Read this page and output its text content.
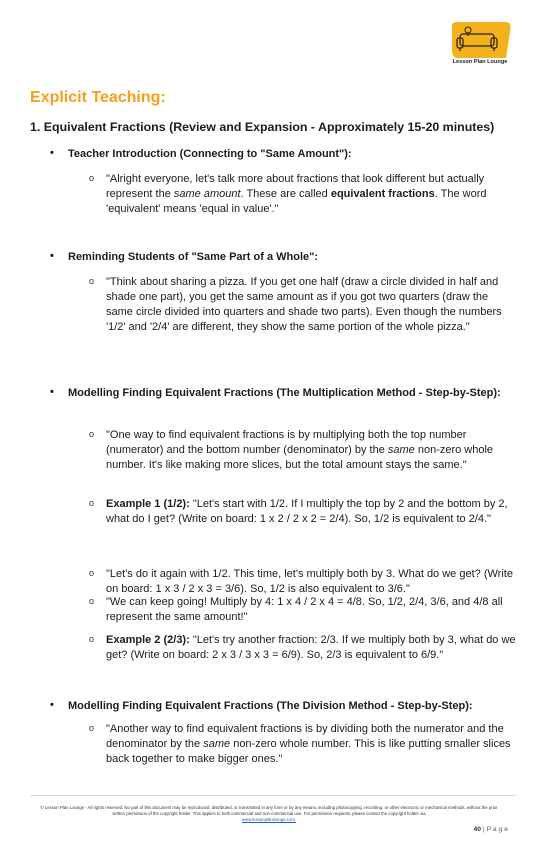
Lesson Plan Lounge
Explicit Teaching:
1. Equivalent Fractions (Review and Expansion - Approximately 15-20 minutes)
• Teacher Introduction (Connecting to "Same Amount"):
o "Alright everyone, let's talk more about fractions that look different but actually represent the same amount. These are called equivalent fractions. The word 'equivalent' means 'equal in value'."
• Reminding Students of "Same Part of a Whole":
o "Think about sharing a pizza. If you get one half (draw a circle divided in half and shade one part), you get the same amount as if you got two quarters (draw the same circle divided into quarters and shade two parts). Even though the numbers '1/2' and '2/4' are different, they show the same portion of the whole pizza."
• Modelling Finding Equivalent Fractions (The Multiplication Method - Step-by-Step):
o "One way to find equivalent fractions is by multiplying both the top number (numerator) and the bottom number (denominator) by the same non-zero whole number. It's like making more slices, but the total amount stays the same."
o Example 1 (1/2): "Let's start with 1/2. If I multiply the top by 2 and the bottom by 2, what do I get? (Write on board: 1 x 2 / 2 x 2 = 2/4). So, 1/2 is equivalent to 2/4."
o "Let's do it again with 1/2. This time, let's multiply both by 3. What do we get? (Write on board: 1 x 3 / 2 x 3 = 3/6). So, 1/2 is also equivalent to 3/6."
o "We can keep going! Multiply by 4: 1 x 4 / 2 x 4 = 4/8. So, 1/2, 2/4, 3/6, and 4/8 all represent the same amount!"
o Example 2 (2/3): "Let's try another fraction: 2/3. If we multiply both by 3, what do we get? (Write on board: 2 x 3 / 3 x 3 = 6/9). So, 2/3 is equivalent to 6/9."
• Modelling Finding Equivalent Fractions (The Division Method - Step-by-Step):
o "Another way to find equivalent fractions is by dividing both the numerator and the denominator by the same non-zero whole number. This is like putting smaller slices back together to make bigger ones."
© Lesson Plan Lounge - All rights reserved. No part of this document may be reproduced, distributed, or transmitted in any form or by any means, including photocopying, recording, or other electronic or mechanical methods, without the prior written permission of the copyright holder. This applies to both commercial and non-commercial use. For permission requests, please contact the copyright holder via
www.lessonplanlounge.com.
40 | P a g e
